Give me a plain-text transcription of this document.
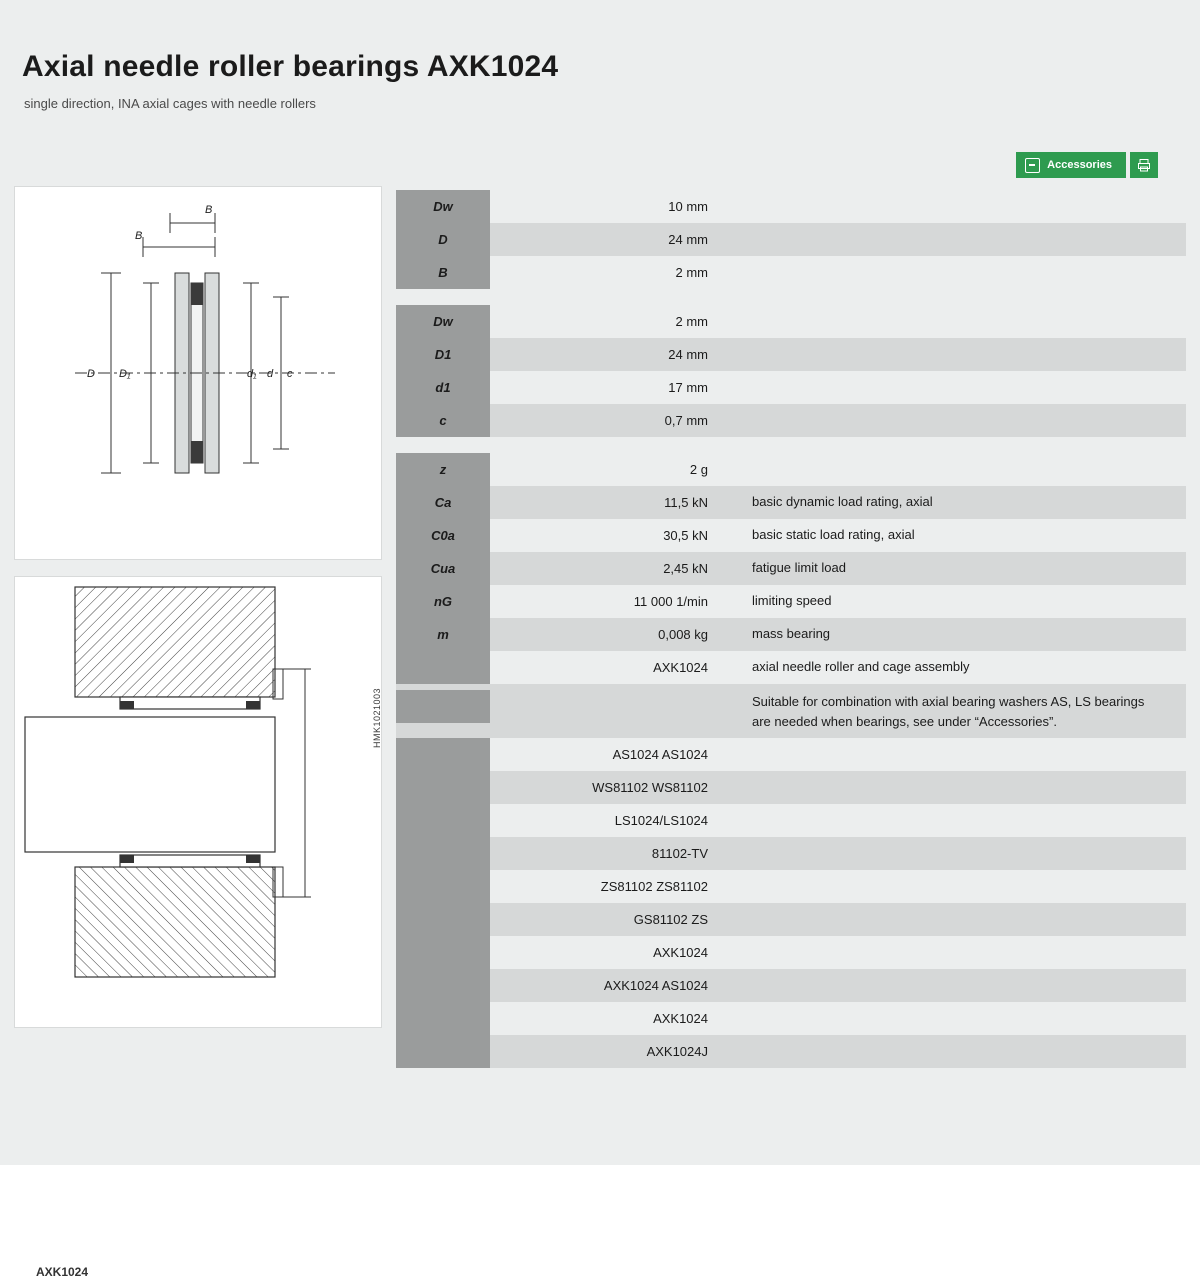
Axial needle roller bearings AXK1024
single direction, INA axial cages with needle rollers
Accessories
B
B
D D₁	d₁ d c
AXK1024
HMK1021003
Dw	10 mm
D	24 mm
B	2 mm
Dw	2 mm
D1	24 mm
d1	17 mm
c	0,7 mm
z	2 g
Ca	11,5 kN	basic dynamic load rating, axial
C0a	30,5 kN	basic static load rating, axial
Cua	2,45 kN	fatigue limit load
nG	11 000 1/min	limiting speed
m	0,008 kg	mass bearing
AXK1024	axial needle roller and cage assembly
Suitable for combination with axial bearing washers AS, LS bearings are needed when bearings, see under “Accessories”.
AS1024 AS1024
WS81102 WS81102
LS1024/LS1024
81102-TV
ZS81102 ZS81102
GS81102 ZS
AXK1024
AXK1024 AS1024
AXK1024
AXK1024J
